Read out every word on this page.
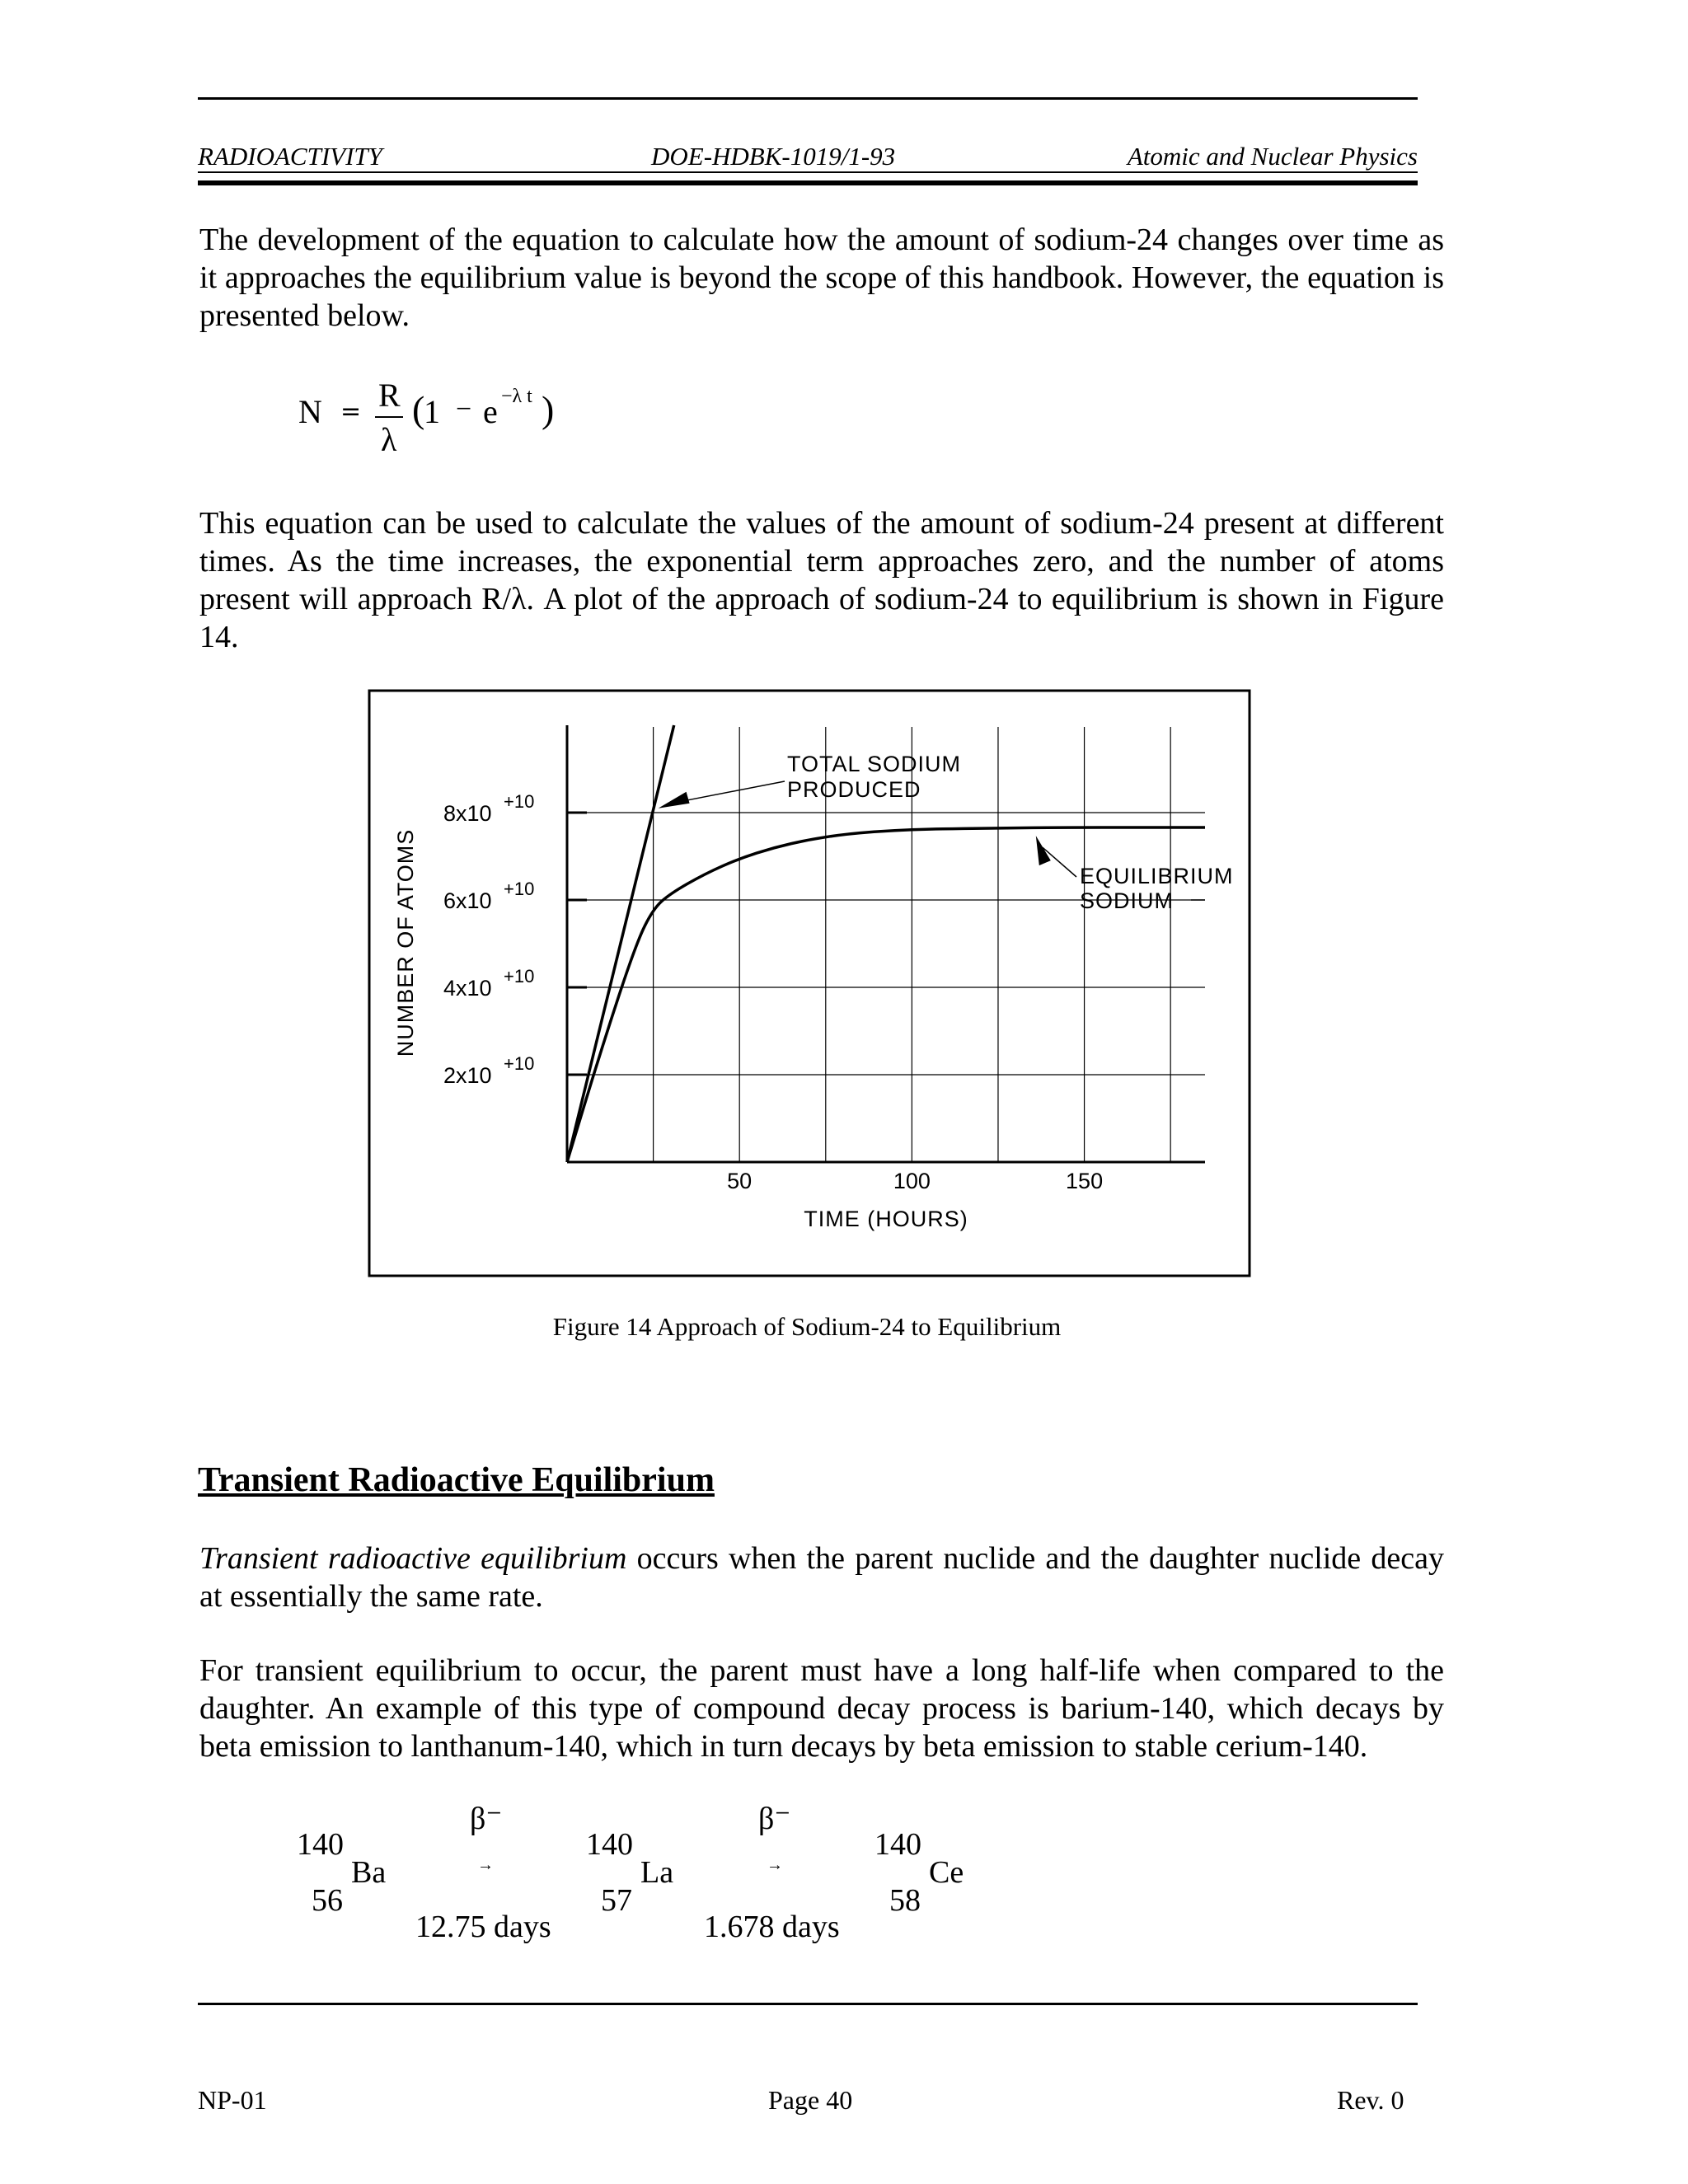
RADIOACTIVITY	DOE-HDBK-1019/1-93	Atomic and Nuclear Physics
The development of the equation to calculate how the amount of sodium-24 changes over time as it approaches the equilibrium value is beyond the scope of this handbook. However, the equation is presented below.
N = R
λ
(
1 − e −λ t )
This equation can be used to calculate the values of the amount of sodium-24 present at different times. As the time increases, the exponential term approaches zero, and the number of atoms present will approach R/λ. A plot of the approach of sodium-24 to equilibrium is shown in Figure 14.
2x10 +10
4x10 +10
6x10 +10
8x10 +10
50	100	150
TIME (HOURS)
NUMBER OF ATOMS
TOTAL SODIUM
PRODUCED
EQUILIBRIUM
SODIUM
Figure 14 Approach of Sodium-24 to Equilibrium
Transient Radioactive Equilibrium
Transient radioactive equilibrium occurs when the parent nuclide and the daughter nuclide decay at essentially the same rate.
For transient equilibrium to occur, the parent must have a long half-life when compared to the daughter. An example of this type of compound decay process is barium-140, which decays by beta emission to lanthanum-140, which in turn decays by beta emission to stable cerium-140.
140
Ba
56
β⁻
→
12.75 days
140
La
57
β⁻
→
1.678 days
140
Ce
58
NP-01	Page 40	Rev. 0
